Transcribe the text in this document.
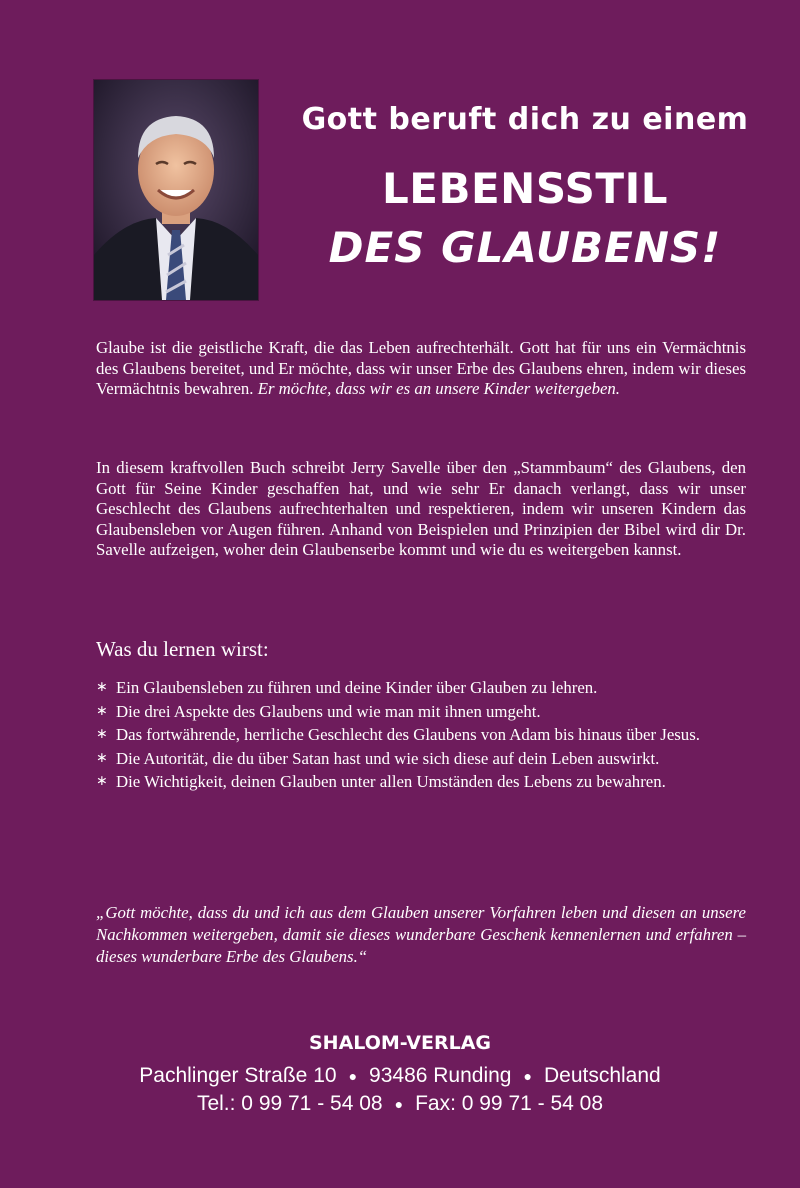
Gott beruft dich zu einem
LEBENSSTIL
DES GLAUBENS!
Glaube ist die geistliche Kraft, die das Leben aufrechterhält. Gott hat für uns ein Vermächtnis des Glaubens bereitet, und Er möchte, dass wir unser Erbe des Glaubens ehren, indem wir dieses Vermächtnis bewahren. Er möchte, dass wir es an unsere Kinder weitergeben.
In diesem kraftvollen Buch schreibt Jerry Savelle über den „Stammbaum“ des Glaubens, den Gott für Seine Kinder geschaffen hat, und wie sehr Er danach verlangt, dass wir unser Geschlecht des Glaubens aufrechterhalten und respektieren, indem wir unseren Kindern das Glaubensleben vor Augen führen. Anhand von Beispielen und Prinzipien der Bibel wird dir Dr. Savelle aufzeigen, woher dein Glaubenserbe kommt und wie du es weitergeben kannst.
Was du lernen wirst:
∗ Ein Glaubensleben zu führen und deine Kinder über Glauben zu lehren.
∗ Die drei Aspekte des Glaubens und wie man mit ihnen umgeht.
∗ Das fortwährende, herrliche Geschlecht des Glaubens von Adam bis hinaus über Jesus.
∗ Die Autorität, die du über Satan hast und wie sich diese auf dein Leben auswirkt.
∗ Die Wichtigkeit, deinen Glauben unter allen Umständen des Lebens zu bewahren.
„Gott möchte, dass du und ich aus dem Glauben unserer Vorfahren leben und diesen an unsere Nachkommen weitergeben, damit sie dieses wunderbare Geschenk kennenlernen und erfahren – dieses wunderbare Erbe des Glaubens.“
SHALOM-VERLAG
Pachlinger Straße 10 ● 93486 Runding ● Deutschland
Tel.: 0 99 71 - 54 08 ● Fax: 0 99 71 - 54 08
